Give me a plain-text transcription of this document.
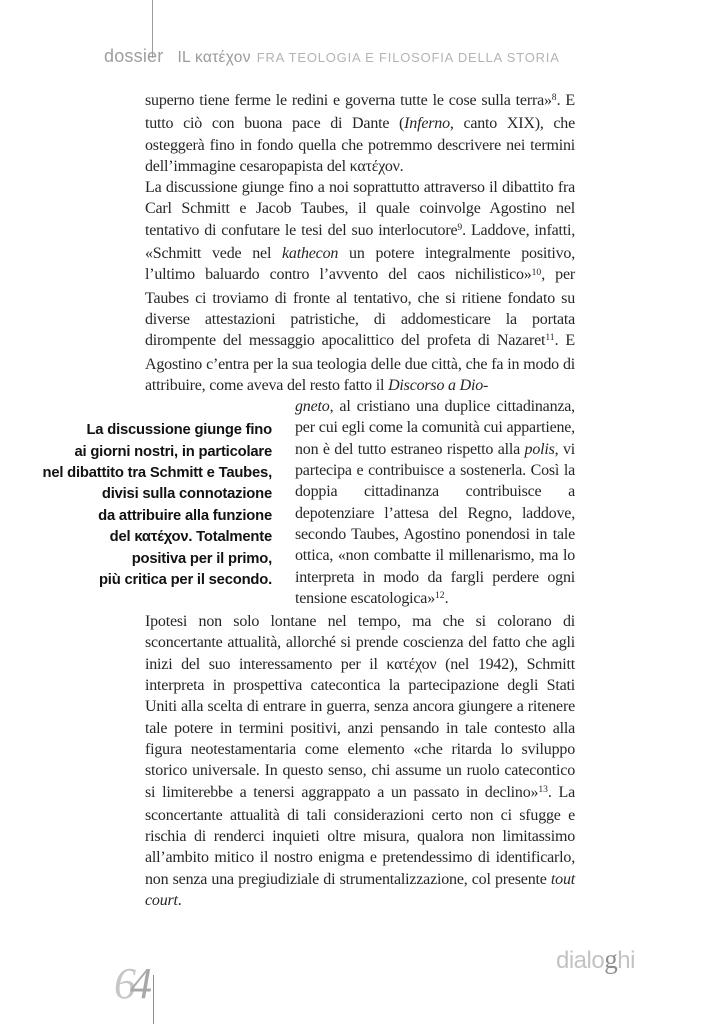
dossier IL κατέχον FRA TEOLOGIA E FILOSOFIA DELLA STORIA

superno tiene ferme le redini e governa tutte le cose sulla terra»$^8$. E tutto ciò con buona pace di Dante (Inferno, canto XIX), che osteggerà fino in fondo quella che potremmo descrivere nei termini dell’immagine cesaropapista del κατέχον.

La discussione giunge fino a noi soprattutto attraverso il dibattito fra Carl Schmitt e Jacob Taubes, il quale coinvolge Agostino nel tentativo di confutare le tesi del suo interlocutore$^9$. Laddove, infatti, «Schmitt vede nel kathecon un potere integralmente positivo, l’ultimo baluardo contro l’avvento del caos nichilistico»$^{10}$, per Taubes ci troviamo di fronte al tentativo, che si ritiene fondato su diverse attestazioni patristiche, di addomesticare la portata dirompente del messaggio apocalittico del profeta di Nazaret$^{11}$. E Agostino c’entra per la sua teologia delle due città, che fa in modo di attribuire, come aveva del resto fatto il Discorso a Dio-

La discussione giunge fino
ai giorni nostri, in particolare
nel dibattito tra Schmitt e Taubes,
divisi sulla connotazione
da attribuire alla funzione
del κατέχον. Totalmente
positiva per il primo,
più critica per il secondo.
gneto, al cristiano una duplice cittadinanza, per cui egli come la comunità cui appartiene, non è del tutto estraneo rispetto alla polis, vi partecipa e contribuisce a sostenerla. Così la doppia cittadinanza contribuisce a depotenziare l’attesa del Regno, laddove, secondo Taubes, Agostino ponendosi in tale ottica, «non combatte il millenarismo, ma lo interpreta in modo da fargli perdere ogni tensione escatologica»$^{12}$.

Ipotesi non solo lontane nel tempo, ma che si colorano di sconcertante attualità, allorché si prende coscienza del fatto che agli inizi del suo interessamento per il κατέχον (nel 1942), Schmitt interpreta in prospettiva catecontica la partecipazione degli Stati Uniti alla scelta di entrare in guerra, senza ancora giungere a ritenere tale potere in termini positivi, anzi pensando in tale contesto alla figura neotestamentaria come elemento «che ritarda lo sviluppo storico universale. In questo senso, chi assume un ruolo catecontico si limiterebbe a tenersi aggrappato a un passato in declino»$^{13}$. La sconcertante attualità di tali considerazioni certo non ci sfugge e rischia di renderci inquieti oltre misura, qualora non limitassimo all’ambito mitico il nostro enigma e pretendessimo di identificarlo, non senza una pregiudiziale di strumentalizzazione, col presente tout court.

64	dialoghi
